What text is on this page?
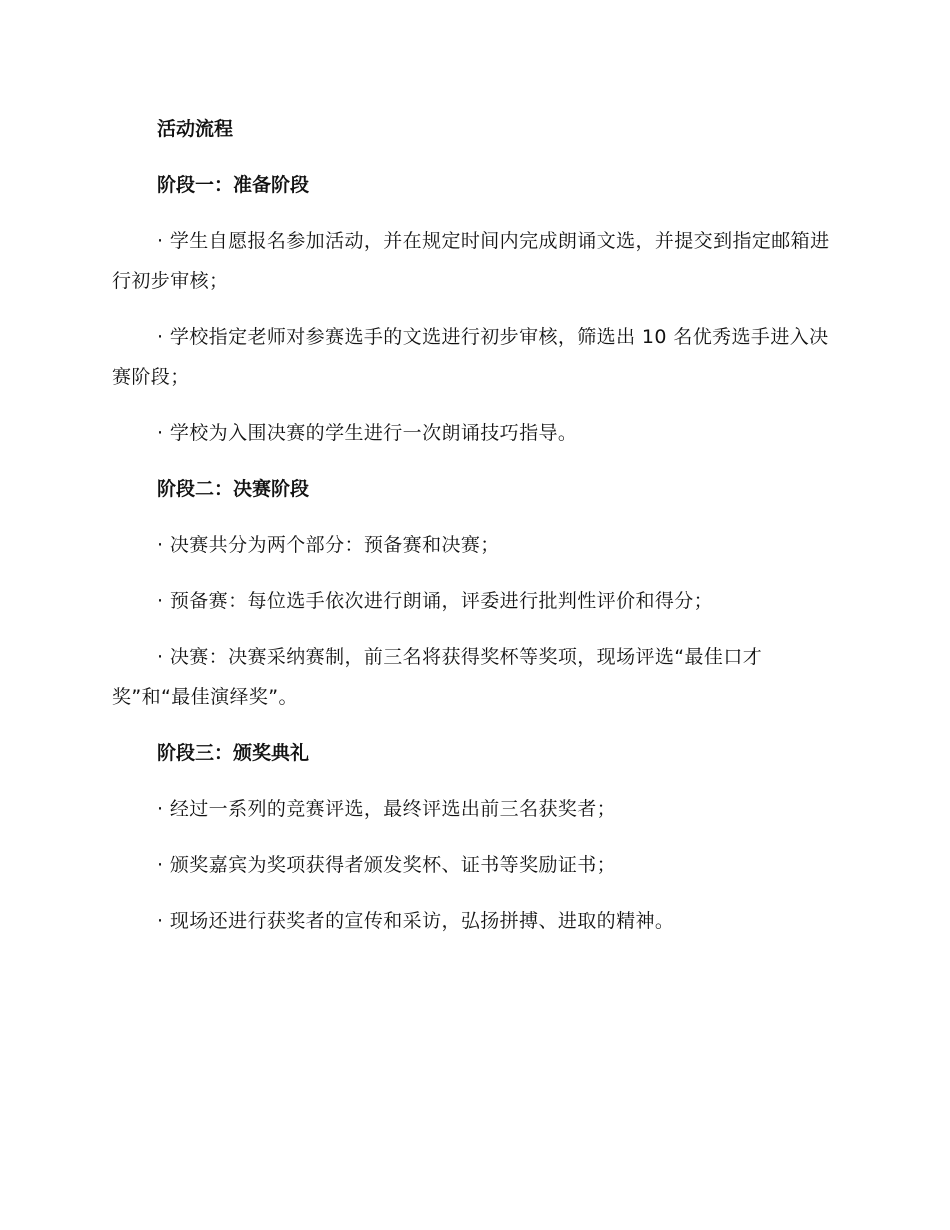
活动流程
阶段一：准备阶段

· 学生自愿报名参加活动，并在规定时间内完成朗诵文选，并提交到指定邮箱进行初步审核；

· 学校指定老师对参赛选手的文选进行初步审核，筛选出 10 名优秀选手进入决赛阶段；

· 学校为入围决赛的学生进行一次朗诵技巧指导。

阶段二：决赛阶段

· 决赛共分为两个部分：预备赛和决赛；

· 预备赛：每位选手依次进行朗诵，评委进行批判性评价和得分；

· 决赛：决赛采纳赛制，前三名将获得奖杯等奖项，现场评选“最佳口才奖”和“最佳演绎奖”。

阶段三：颁奖典礼

· 经过一系列的竞赛评选，最终评选出前三名获奖者；

· 颁奖嘉宾为奖项获得者颁发奖杯、证书等奖励证书；

· 现场还进行获奖者的宣传和采访，弘扬拼搏、进取的精神。
